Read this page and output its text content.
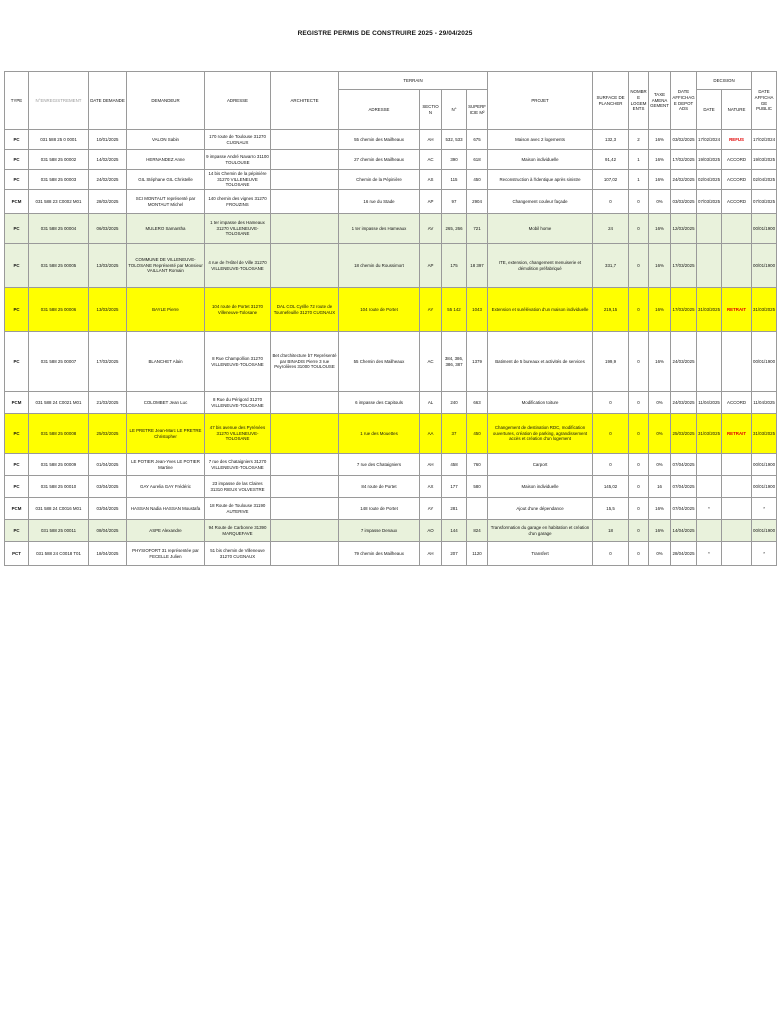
REGISTRE PERMIS DE CONSTRUIRE 2025 - 29/04/2025
TYPE	N°ENREGISTREMENT	DATE DEMANDE	DEMANDEUR	ADRESSE	ARCHITECTE	TERRAIN				PROJET	SURFACE DE PLANCHER	NOMBRE LOGEMENTS	TAXE AMENAGEMENT	DATE AFFICHAGE DEPOT ADS	DECISION		DATE AFFICHAGE PUBLIC
						ADRESSE	SECTION	N°	SUPERFICIE M²						DATE	NATURE	

PC	031 588 25 0 0001	10/01/2025	VALON Sabin	170 route de Toulouse 31270 CUGNAUX		55 chemin des Mailheaux	AH	532, 533	675	Maison avec 2 logements	132,3	2	16%	03/02/2025	17/02/2024	REFUS	17/02/2024
PC	031 588 25 00002	14/02/2025	HERNANDEZ Anne	9 impasse André Navarro 31100 TOULOUSE		27 chemin des Mailheaux	AC	390	618	Maison individuelle	91,42	1	16%	17/02/2025	19/03/2025	ACCORD	19/03/2025
PC	031 588 25 00003	24/02/2025	GIL Stéphane GIL Christelle	14 bis Chemin de la pépinière 31270 VILLENEUVE TOLOSANE		Chemin de la Pépinière	AS	115	450	Reconstruction à l'identique après sinistre	107,02	1	16%	24/02/2025	02/04/2025	ACCORD	02/04/2025
PCM	031 588 23 C0002 M01	28/02/2025	SCI MONTAUT représenté par MONTAUT Michel	140 chemin des vignes 31270 FROUZINS		16 rue du Stade	AP	97	2904	Changement couleur façade	0	0	0%	03/03/2025	07/03/2025	ACCORD	07/03/2025
PC	031 588 25 00004	06/03/2025	MULERO Samantha	1 ter impasse des Hameaux 31270 VILLENEUVE-TOLOSANE		1 ter impasse des Hameaux	AV	265, 266	721	Mobil home	24	0	16%	12/03/2025			00/01/1900
PC	031 588 25 00005	13/03/2025	COMMUNE DE VILLENEUVE-TOLOSANE Représenté par Monsieur VAILLANT Romain	4 rue de l'Hôtel de Ville 31270 VILLENEUVE-TOLOSANE		18 chemin du Roussimort	AP	175	18 397	ITE, extension, changement menuiserie et démolition préfabriqué	331,7	0	16%	17/03/2025			00/01/1900
PC	031 588 25 00006	13/03/2025	BAYLE Pierre	104 route de Portet 31270 Villeneuve-Tolosane	DAL COL Cyrille 72 route de Tournefeuille 31270 CUGNAUX	104 route de Portet	AY	55 142	1043	Extension et surélévation d'un maison individuelle	219,15	0	16%	17/03/2025	31/03/2025	RETRAIT	31/03/2025
PC	031 588 25 00007	17/03/2025	BLANCHET Alain	8 Rue Champollion 31270 VILLENEUVE-TOLOSANE	Bet d'architecture b7 Représenté par BINADIS Pierre 3 rue Peyrolières 31000 TOULOUSE	55 Chemin des Mailheaux	AC	384, 386, 386, 387	1379	Batiment de 5 bureaux et activités de services	199,9	0	16%	24/03/2025			00/01/1900
PCM	031 588 24 C0021 M01	21/03/2025	COLOMBET Jean Luc	8 Rue du Périgord 31270 VILLENEUVE-TOLOSANE		6 impasse des Capitouls	AL	240	663	Modification toiture	0	0	0%	24/03/2025	11/04/2025	ACCORD	11/04/2025
PC	031 588 25 00008	25/03/2025	LE PRETRE Jean-Marc LE PRETRE Christopher	47 bis avenue des Pyrénées 31270 VILLENEUVE-TOLOSANE		1 rue des Mouettes	AA	37	450	Changement de destination RDC, modification ouvertures, création de parking, agrandissement accès et création d'un logement	0	0	0%	25/03/2025	31/03/2025	RETRAIT	31/03/2025
PC	031 588 25 00009	01/04/2025	LE POTIER Jean-Yves LE POTIER Martine	7 rue des Chataigniers 31270 VILLENEUVE-TOLOSANE		7 rue des Chataigniers	AH	458	760	Carport	0	0	0%	07/04/2025			00/01/1900
PC	031 588 25 00010	03/04/2025	GAY Aurelia GAY Frédéric	23 impasse de las Claires 31310 RIEUX VOLVESTRE		84 route de Portet	AX	177	580	Maison individuelle	145,02	0	16	07/04/2025			00/01/1900
PCM	031 588 24 C0016 M01	03/04/2025	HASSAN Nadia HASSAN Moustafa	18 Route de Toulouse 31190 AUTERIVE		148 route de Portet	AY	281		Ajout d'une dépendance	15,5	0	16%	07/04/2025	*		*
PC	031 588 25 00011	08/04/2025	ASPE Alexandre	94 Route de Carbonne 31390 MARQUEFAVE		7 impasse Denaux	AO	144	824	Transformation du garage en habitation et création d'un garage	18	0	16%	14/04/2025			00/01/1900
PCT	031 588 24 C0018 T01	18/04/2025	PHYSIOFORT 31 représentée par FECELLE Julien	51 bis chemin de Villeneuve 31270 CUGNAUX		79 chemin des Mailheaux	AH	207	1120	Transfert	0	0	0%	28/04/2025	*		*
